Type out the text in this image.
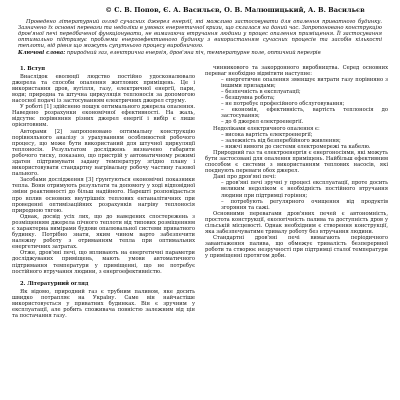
© С. В. Попов, Є. А. Васильєв, О. В. Малюшицький, А. В. Васильєв

Проведено літературний огляд сучасних джерел енергії, які можливо застосовувати для опалення приватного будинку. Зазначено їх основні переваги та недоліки в умовах енергетичної кризи, що склалася на даний час. Запропоновано конструкцію дров'яної печі передбаченої функціонувати, не вимагаючи втручання людини у процес опалення приміщення. Її застосування оптимально підтримує проблеми енергоефективного будинку з використанням сучасних процесів та засобів кількості теплоти, від рівня що можуть супутнього процесу виробничого.

Ключові слова: природний газ, електрична енергія, дров'яна піч, температурне поле, оптичний перегрів
1. Вступ

Внаслідок еволюції людство постійно удосконалювало джерела та способи опалення житлових приміщень. Це і використання дров, вугілля, газу, електричної енергії, пари, води; природна та штучна циркуляція теплоносія за допомогою насосної подачі із застосуванням електричних джерел струму.

У роботі [1] здійснено пошук оптимального джерела опалення. Наведено розрахунки економічної ефективності. На жаль, відсутнє порівняння різних джерел енергії і вибір є лише орієнтовним.

Авторами [2] запропоновано оптимальну конструкцію порівняльного аналізу з урахуванням особливостей робочого процесу, що може бути використаний для штучної циркуляції теплоносія. Результатом досліджень визначено габарити робочого тиску, показано, що пристрій у автоматичному режимі здатен підтримувати задану температуру згідно плану і використовувати стандартну нагрівальну робочу частину газової пального.

Засобами дослідження [3] ґрунтуються економічні показники тепла. Вони отримують результати та допомогу у ході відповідної зміни реактивності до більш надійного. Нарешті розповідається про вплив основних внутрішніх теплових ентаналітичних при проведенні оптимізаційних розрахунків нагріву теплоносія природною тягою.

Однак, досвід усіх лих, що до наведених спостережень з розміщенням джерела пічного теплоти від типових розміщенням є характерна вимірами будови опалювальної системи приватного будинку. Потрібно знати, яким чином варто забезпечити належну роботу з отриманням тепла при оптимальних енергетичних затратах.

Отже, дров'яні печі, що впливають на енергетичні параметри досліджуваних приміщень, мають умови автоматичного підтримання температури у приміщенні, що не потребує постійного втручання людини, з енергоефективністю.

2. Літературний огляд

Як відомо, природний газ є трубним паливом, яке досить швидко потрапляє на Україну. Саме він найчастіше використовується у приватних будинках. Він є зручним у експлуатації, але робить споживача повністю залежним від цін та постачання газу.

чинникового та закордонного виробництва. Серед основних переваг необхідно відмітити наступне:

– енергетичне опалення зменшує витрати газу порівняно з іншими приладами;
– безпечність в експлуатації;
– безшумна робота;
– не потребує професійного обслуговування;
– економія, ефективність, вартість теплоносія до застосування;
– до 6 джерел електроенергії.

Недоліками електричного опалення є:

– висока вартість електроенергії;
– залежність від безперебійного живлення;
– нижчі вимоги до системи електромережі та кабелю.

Природний газ та електроенергія є енергоносіями, які можуть бути застосовані для опалення приміщень. Найбільш ефективним способом є системи з використанням теплових насосів, які поєднують переваги обох джерел.

Дані про дров'яні печі:

– дров'яні печі зручні у процесі експлуатації, проте досить великим недоліком є необхідність постійного втручання людини при підтримці горіння;
– потребують регулярного очищення від продуктів згоряння та сажі.

Основними перевагами дров'яних печей є автономність, простота конструкції, екологічність палива та доступність дров у сільській місцевості. Однак необхідним є створення конструкції, яка забезпечуватиме тривалу роботу без втручання людини.

Стандартні дров'яні печі вимагають періодичного завантаження палива, що обмежує тривалість безперервної роботи та створює незручності при підтримці сталої температури у приміщенні протягом доби.
